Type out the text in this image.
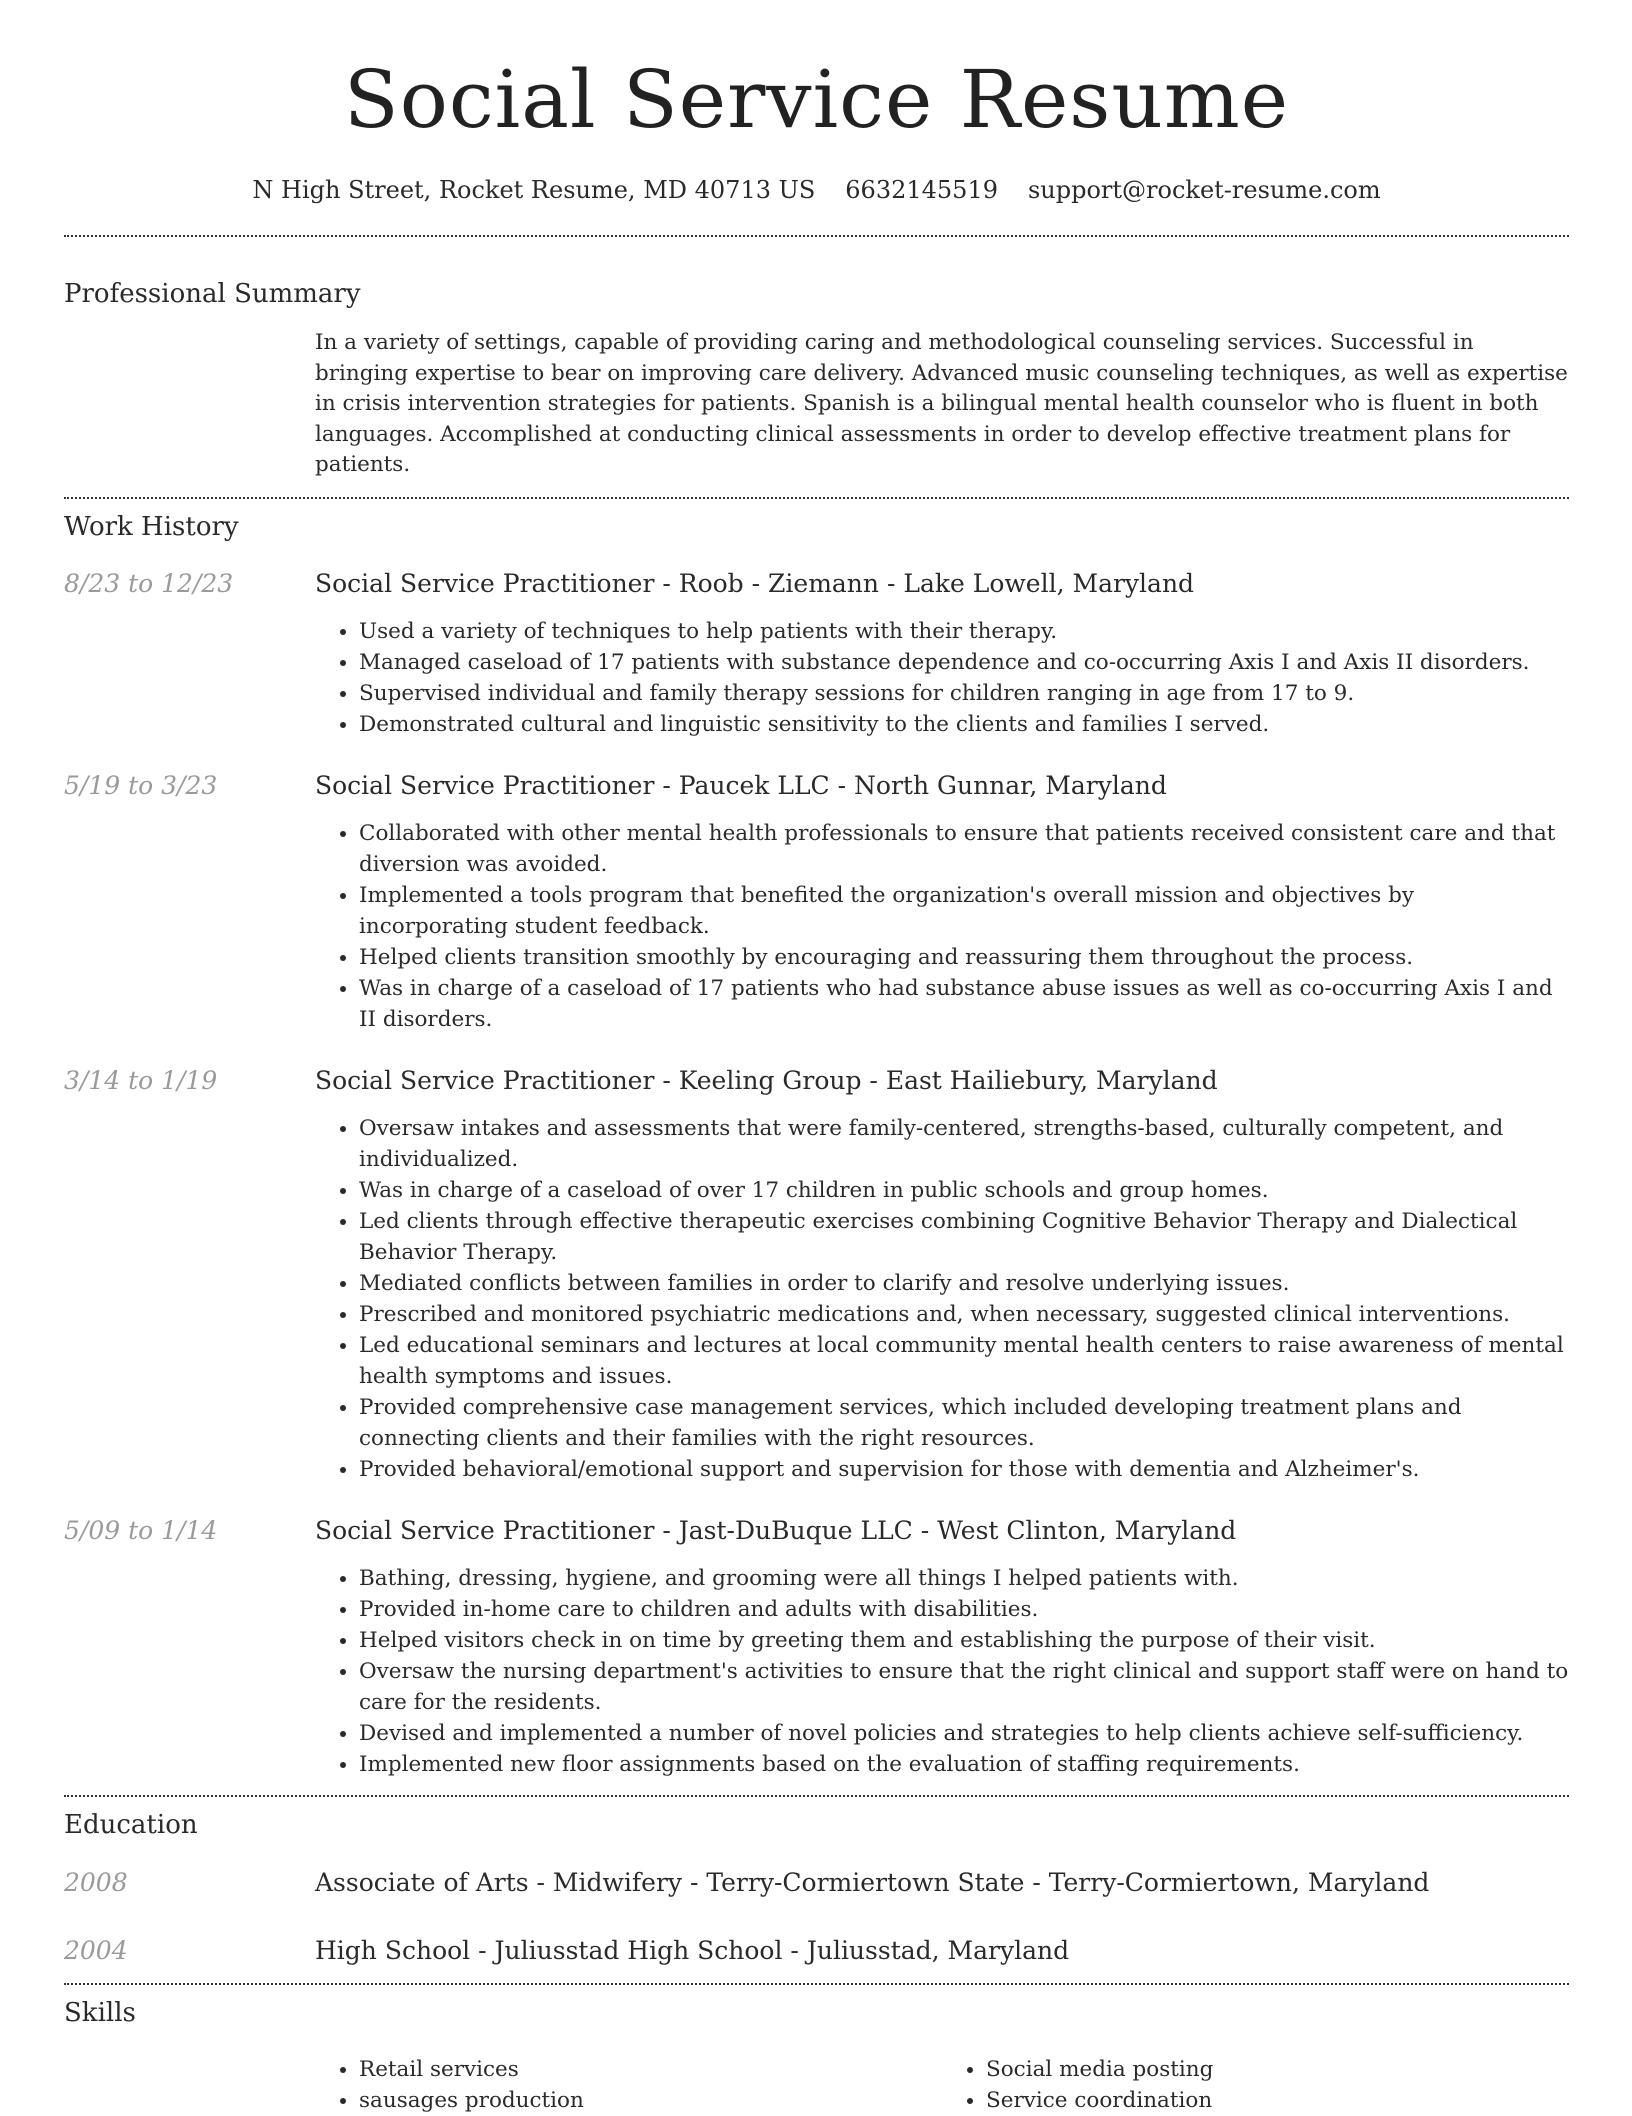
Social Service Resume
N High Street, Rocket Resume, MD 40713 US 6632145519 support@rocket-resume.com
Professional Summary

In a variety of settings, capable of providing caring and methodological counseling services. Successful in bringing expertise to bear on improving care delivery. Advanced music counseling techniques, as well as expertise in crisis intervention strategies for patients. Spanish is a bilingual mental health counselor who is fluent in both languages. Accomplished at conducting clinical assessments in order to develop effective treatment plans for patients.

Work History
8/23 to 12/23	Social Service Practitioner - Roob - Ziemann - Lake Lowell, Maryland
• Used a variety of techniques to help patients with their therapy.
• Managed caseload of 17 patients with substance dependence and co-occurring Axis I and Axis II disorders.
• Supervised individual and family therapy sessions for children ranging in age from 17 to 9.
• Demonstrated cultural and linguistic sensitivity to the clients and families I served.
5/19 to 3/23	Social Service Practitioner - Paucek LLC - North Gunnar, Maryland
• Collaborated with other mental health professionals to ensure that patients received consistent care and that diversion was avoided.
• Implemented a tools program that benefited the organization's overall mission and objectives by incorporating student feedback.
• Helped clients transition smoothly by encouraging and reassuring them throughout the process.
• Was in charge of a caseload of 17 patients who had substance abuse issues as well as co-occurring Axis I and II disorders.
3/14 to 1/19	Social Service Practitioner - Keeling Group - East Hailiebury, Maryland
• Oversaw intakes and assessments that were family-centered, strengths-based, culturally competent, and individualized.
• Was in charge of a caseload of over 17 children in public schools and group homes.
• Led clients through effective therapeutic exercises combining Cognitive Behavior Therapy and Dialectical Behavior Therapy.
• Mediated conflicts between families in order to clarify and resolve underlying issues.
• Prescribed and monitored psychiatric medications and, when necessary, suggested clinical interventions.
• Led educational seminars and lectures at local community mental health centers to raise awareness of mental health symptoms and issues.
• Provided comprehensive case management services, which included developing treatment plans and connecting clients and their families with the right resources.
• Provided behavioral/emotional support and supervision for those with dementia and Alzheimer's.
5/09 to 1/14	Social Service Practitioner - Jast-DuBuque LLC - West Clinton, Maryland
• Bathing, dressing, hygiene, and grooming were all things I helped patients with.
• Provided in-home care to children and adults with disabilities.
• Helped visitors check in on time by greeting them and establishing the purpose of their visit.
• Oversaw the nursing department's activities to ensure that the right clinical and support staff were on hand to care for the residents.
• Devised and implemented a number of novel policies and strategies to help clients achieve self-sufficiency.
• Implemented new floor assignments based on the evaluation of staffing requirements.
Education
2008	Associate of Arts - Midwifery - Terry-Cormiertown State - Terry-Cormiertown, Maryland
2004	High School - Juliusstad High School - Juliusstad, Maryland
Skills
• Retail services
• sausages production
• Social media posting
• Service coordination
